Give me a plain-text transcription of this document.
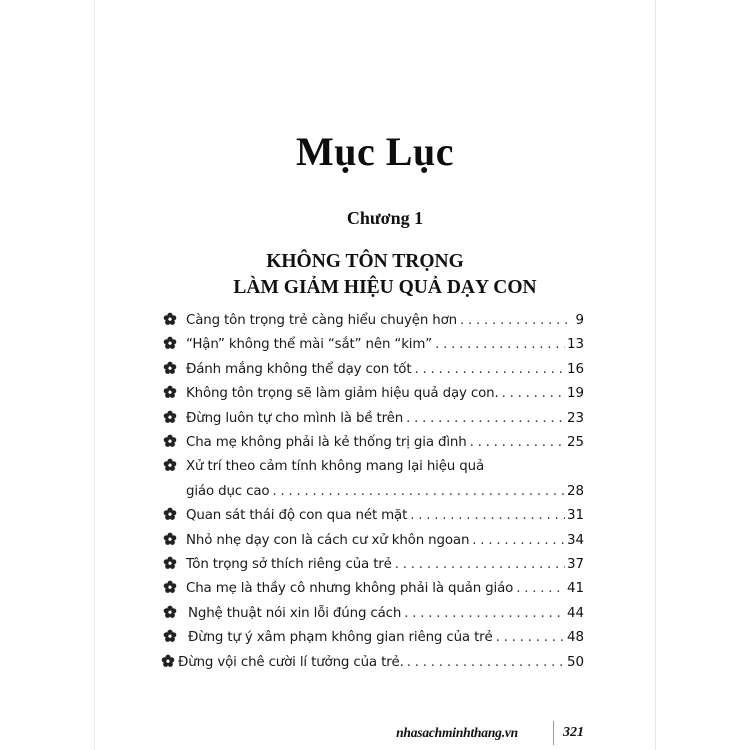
Mục Lục
Chương 1
KHÔNG TÔN TRỌNG
LÀM GIẢM HIỆU QUẢ DẠY CON
Càng tôn trọng trẻ càng hiểu chuyện hơn . . .	9
“Hận” không thể mài “sắt” nên “kim” . . .	13
Đánh mắng không thể dạy con tốt . . .	16
Không tôn trọng sẽ làm giảm hiệu quả dạy con. . . .	19
Đừng luôn tự cho mình là bề trên . . .	23
Cha mẹ không phải là kẻ thống trị gia đình . . .	25
Xử trí theo cảm tính không mang lại hiệu quả
giáo dục cao . . .	28
Quan sát thái độ con qua nét mặt . . .	31
Nhỏ nhẹ dạy con là cách cư xử khôn ngoan . . .	34
Tôn trọng sở thích riêng của trẻ . . .	37
Cha mẹ là thầy cô nhưng không phải là quản giáo . . .	41
Nghệ thuật nói xin lỗi đúng cách . . .	44
Đừng tự ý xâm phạm không gian riêng của trẻ . . .	48
Đừng vội chê cười lí tưởng của trẻ. . . .	50
nhasachminhthang.vn	321
